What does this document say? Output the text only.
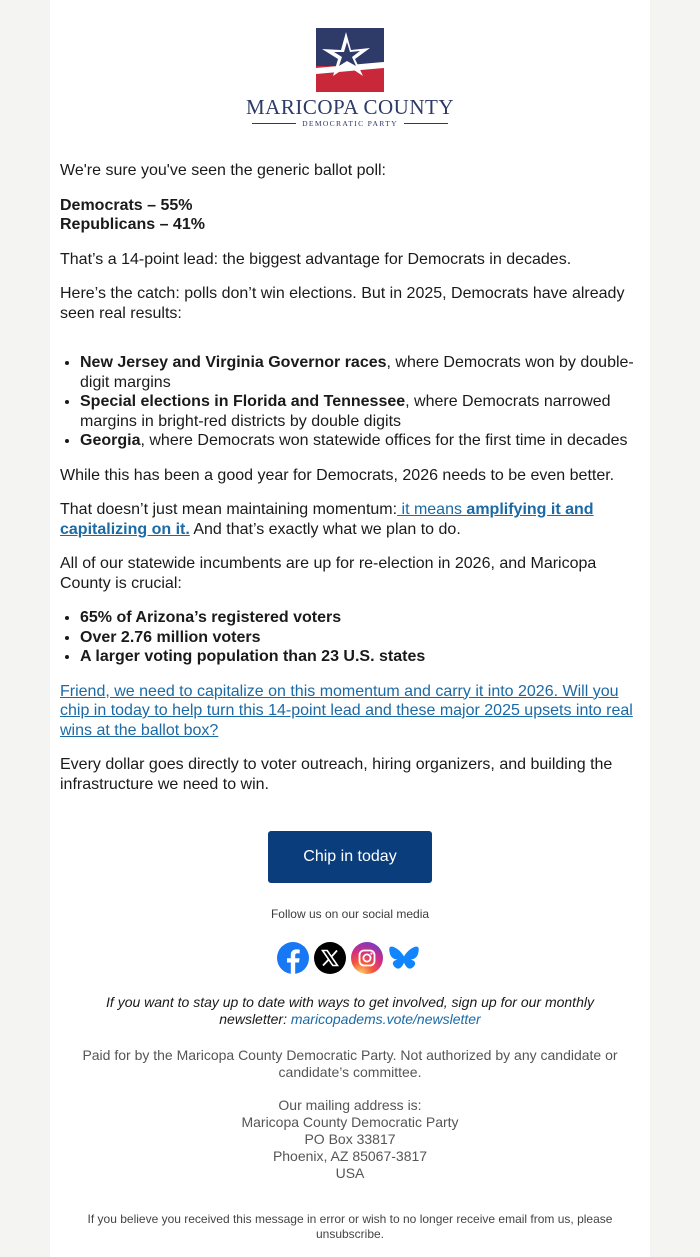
MARICOPA COUNTY
DEMOCRATIC PARTY

We're sure you've seen the generic ballot poll:

Democrats – 55%
Republicans – 41%

That’s a 14-point lead: the biggest advantage for Democrats in decades.

Here’s the catch: polls don’t win elections. But in 2025, Democrats have already seen real results:

• New Jersey and Virginia Governor races, where Democrats won by double-digit margins
• Special elections in Florida and Tennessee, where Democrats narrowed margins in bright-red districts by double digits
• Georgia, where Democrats won statewide offices for the first time in decades

While this has been a good year for Democrats, 2026 needs to be even better.

That doesn’t just mean maintaining momentum: it means amplifying it and capitalizing on it. And that’s exactly what we plan to do.

All of our statewide incumbents are up for re-election in 2026, and Maricopa County is crucial:

• 65% of Arizona’s registered voters
• Over 2.76 million voters
• A larger voting population than 23 U.S. states

Friend, we need to capitalize on this momentum and carry it into 2026. Will you chip in today to help turn this 14-point lead and these major 2025 upsets into real wins at the ballot box?

Every dollar goes directly to voter outreach, hiring organizers, and building the infrastructure we need to win.

Chip in today
Follow us on our social media
If you want to stay up to date with ways to get involved, sign up for our monthly newsletter: maricopadems.vote/newsletter
Paid for by the Maricopa County Democratic Party. Not authorized by any candidate or candidate’s committee.
Our mailing address is:
Maricopa County Democratic Party
PO Box 33817
Phoenix, AZ 85067-3817
USA
If you believe you received this message in error or wish to no longer receive email from us, please unsubscribe.
